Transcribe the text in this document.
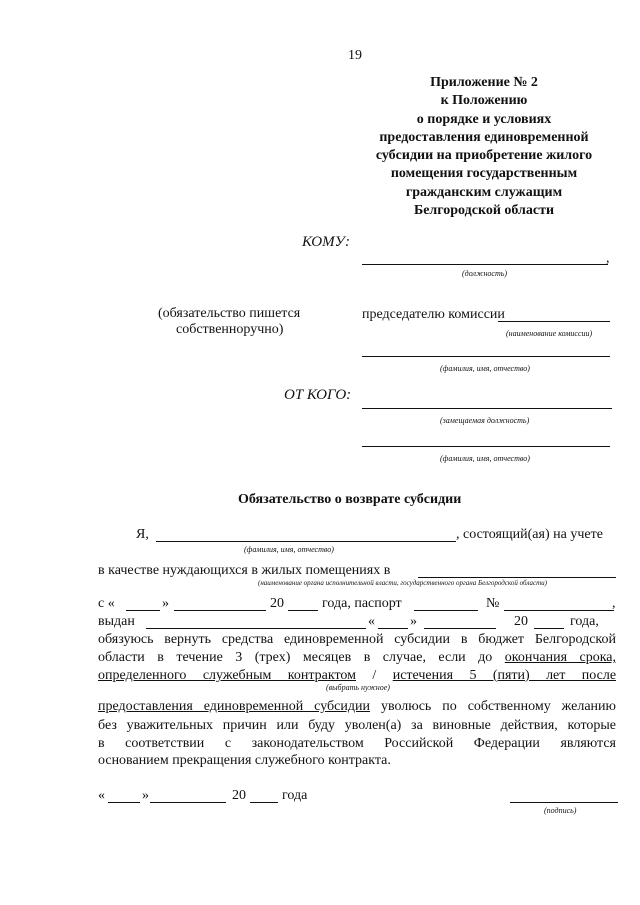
19
Приложение № 2
к Положению
о порядке и условиях
предоставления единовременной
субсидии на приобретение жилого
помещения государственным
гражданским служащим
Белгородской области
КОМУ:
,
(должность)
(обязательство пишется
собственноручно)
председателю комиссии
(наименование комиссии)
(фамилия, имя, отчество)
ОТ КОГО:
(замещаемая должность)
(фамилия, имя, отчество)
Обязательство о возврате субсидии
Я,	, состоящий(ая) на учете
(фамилия, имя, отчество)
в качестве нуждающихся в жилых помещениях в
(наименование органа исполнительной власти, государственного органа Белгородской области)
с «	»	20	года, паспорт	№	,
выдан	«	»	20	года,
обязуюсь вернуть средства единовременной субсидии в бюджет Белгородской
области в течение 3 (трех) месяцев в случае, если до окончания срока,
определенного служебным контрактом / истечения 5 (пяти) лет после
(выбрать нужное)
предоставления единовременной субсидии уволюсь по собственному желанию
без уважительных причин или буду уволен(а) за виновные действия, которые
в соответствии с законодательством Российской Федерации являются
основанием прекращения служебного контракта.
«	»	20	года
(подпись)
